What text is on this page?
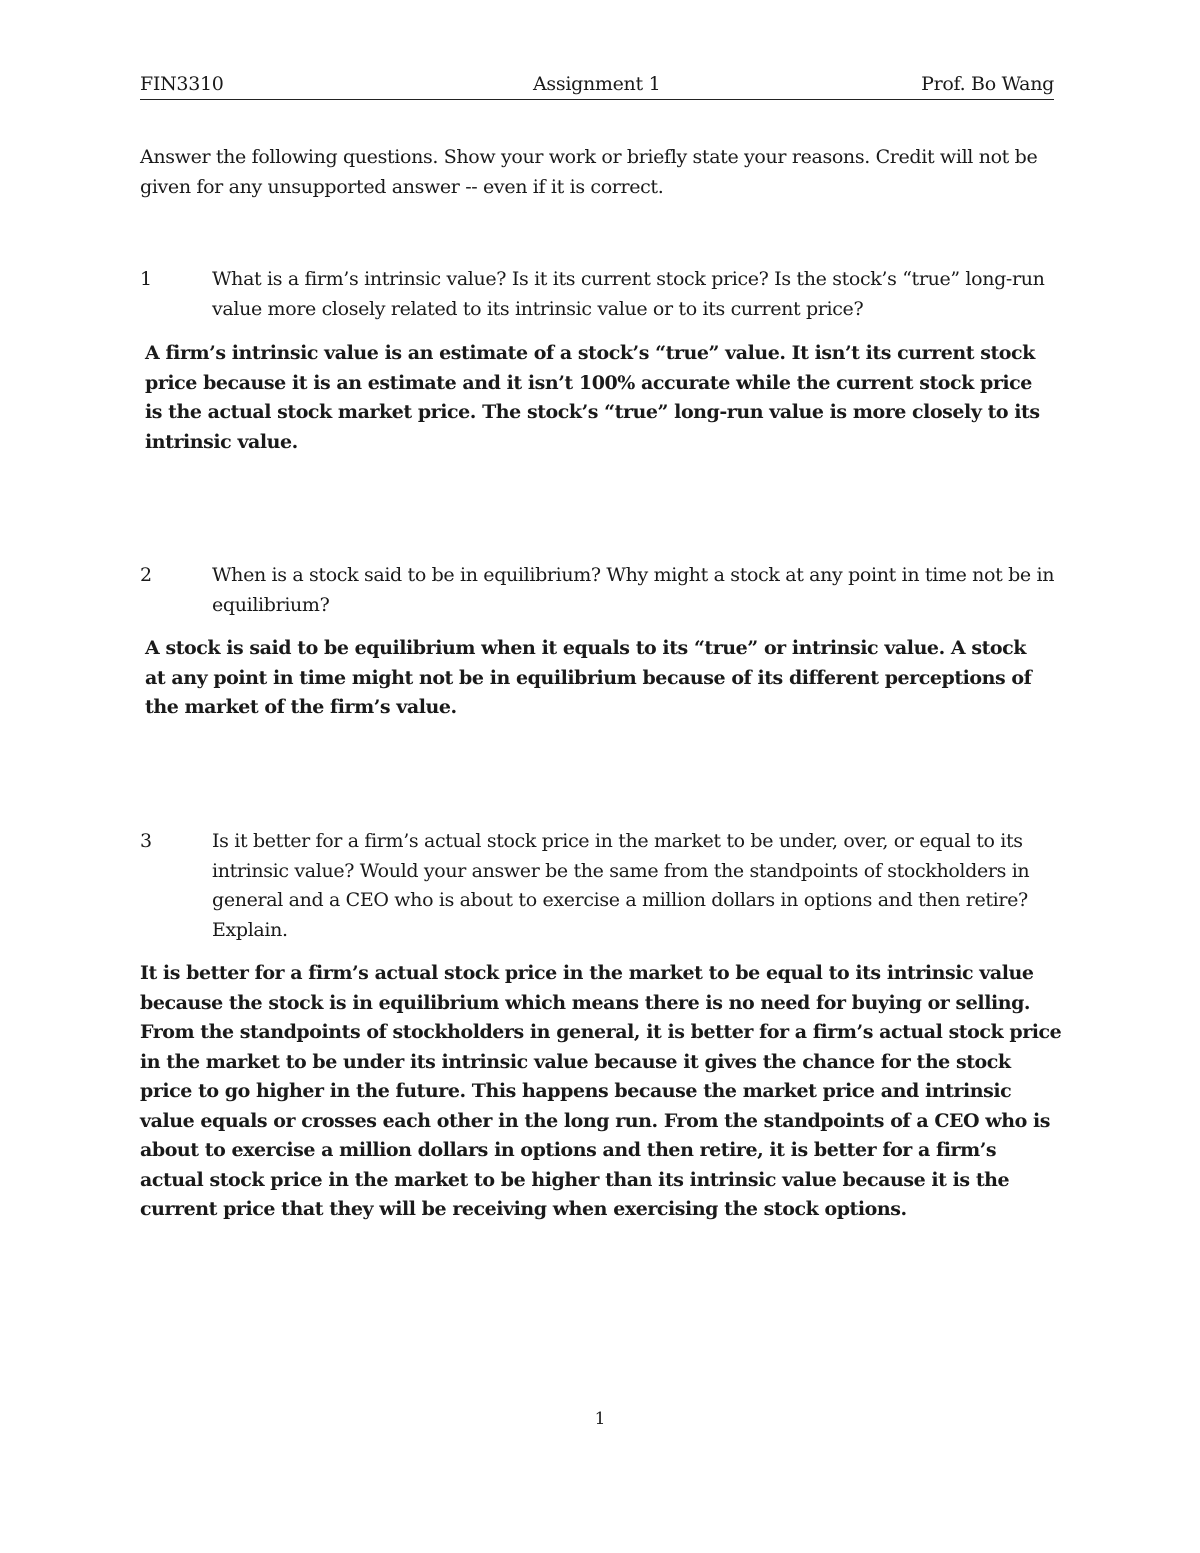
FIN3310	Assignment 1	Prof. Bo Wang
Answer the following questions. Show your work or briefly state your reasons. Credit will not be given for any unsupported answer -- even if it is correct.
1	What is a firm’s intrinsic value? Is it its current stock price? Is the stock’s “true” long-run value more closely related to its intrinsic value or to its current price?
A firm’s intrinsic value is an estimate of a stock’s “true” value. It isn’t its current stock price because it is an estimate and it isn’t 100% accurate while the current stock price is the actual stock market price. The stock’s “true” long-run value is more closely to its intrinsic value.
2	When is a stock said to be in equilibrium? Why might a stock at any point in time not be in equilibrium?
A stock is said to be equilibrium when it equals to its “true” or intrinsic value. A stock at any point in time might not be in equilibrium because of its different perceptions of the market of the firm’s value.
3	Is it better for a firm’s actual stock price in the market to be under, over, or equal to its intrinsic value? Would your answer be the same from the standpoints of stockholders in general and a CEO who is about to exercise a million dollars in options and then retire? Explain.
It is better for a firm’s actual stock price in the market to be equal to its intrinsic value because the stock is in equilibrium which means there is no need for buying or selling. From the standpoints of stockholders in general, it is better for a firm’s actual stock price in the market to be under its intrinsic value because it gives the chance for the stock price to go higher in the future. This happens because the market price and intrinsic value equals or crosses each other in the long run. From the standpoints of a CEO who is about to exercise a million dollars in options and then retire, it is better for a firm’s actual stock price in the market to be higher than its intrinsic value because it is the current price that they will be receiving when exercising the stock options.
1
